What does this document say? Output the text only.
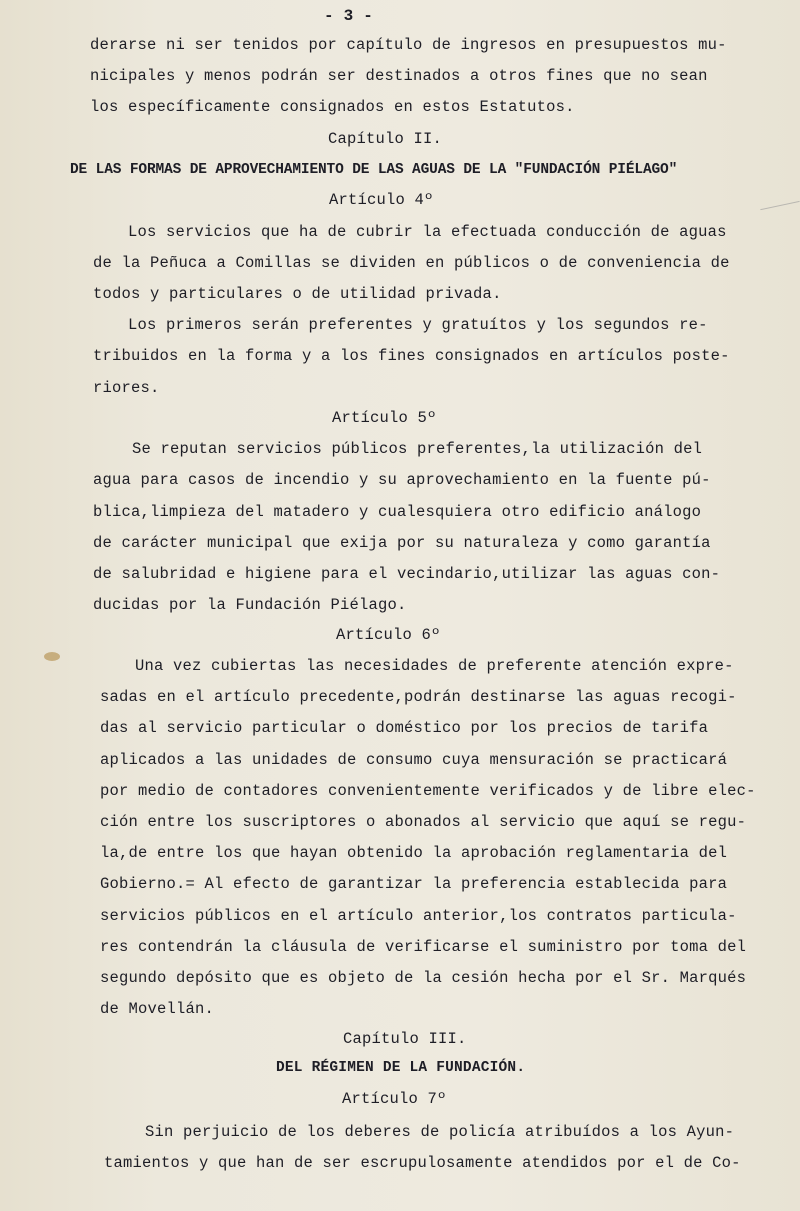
- 3 -
derarse ni ser tenidos por capítulo de ingresos en presupuestos mu-
nicipales y menos podrán ser destinados a otros fines que no sean
los específicamente consignados en estos Estatutos.
Capítulo II.
DE LAS FORMAS DE APROVECHAMIENTO DE LAS AGUAS DE LA "FUNDACIÓN PIÉLAGO"
Artículo 4º
Los servicios que ha de cubrir la efectuada conducción de aguas
de la Peñuca a Comillas se dividen en públicos o de conveniencia de
todos y particulares o de utilidad privada.
Los primeros serán preferentes y gratuítos y los segundos re-
tribuidos en la forma y a los fines consignados en artículos poste-
riores.
Artículo 5º
Se reputan servicios públicos preferentes,la utilización del
agua para casos de incendio y su aprovechamiento en la fuente pú-
blica,limpieza del matadero y cualesquiera otro edificio análogo
de carácter municipal que exija por su naturaleza y como garantía
de salubridad e higiene para el vecindario,utilizar las aguas con-
ducidas por la Fundación Piélago.
Artículo 6º
Una vez cubiertas las necesidades de preferente atención expre-
sadas en el artículo precedente,podrán destinarse las aguas recogi-
das al servicio particular o doméstico por los precios de tarifa
aplicados a las unidades de consumo cuya mensuración se practicará
por medio de contadores convenientemente verificados y de libre elec-
ción entre los suscriptores o abonados al servicio que aquí se regu-
la,de entre los que hayan obtenido la aprobación reglamentaria del
Gobierno.= Al efecto de garantizar la preferencia establecida para
servicios públicos en el artículo anterior,los contratos particula-
res contendrán la cláusula de verificarse el suministro por toma del
segundo depósito que es objeto de la cesión hecha por el Sr. Marqués
de Movellán.
Capítulo III.
DEL RÉGIMEN DE LA FUNDACIÓN.
Artículo 7º
Sin perjuicio de los deberes de policía atribuídos a los Ayun-
tamientos y que han de ser escrupulosamente atendidos por el de Co-
